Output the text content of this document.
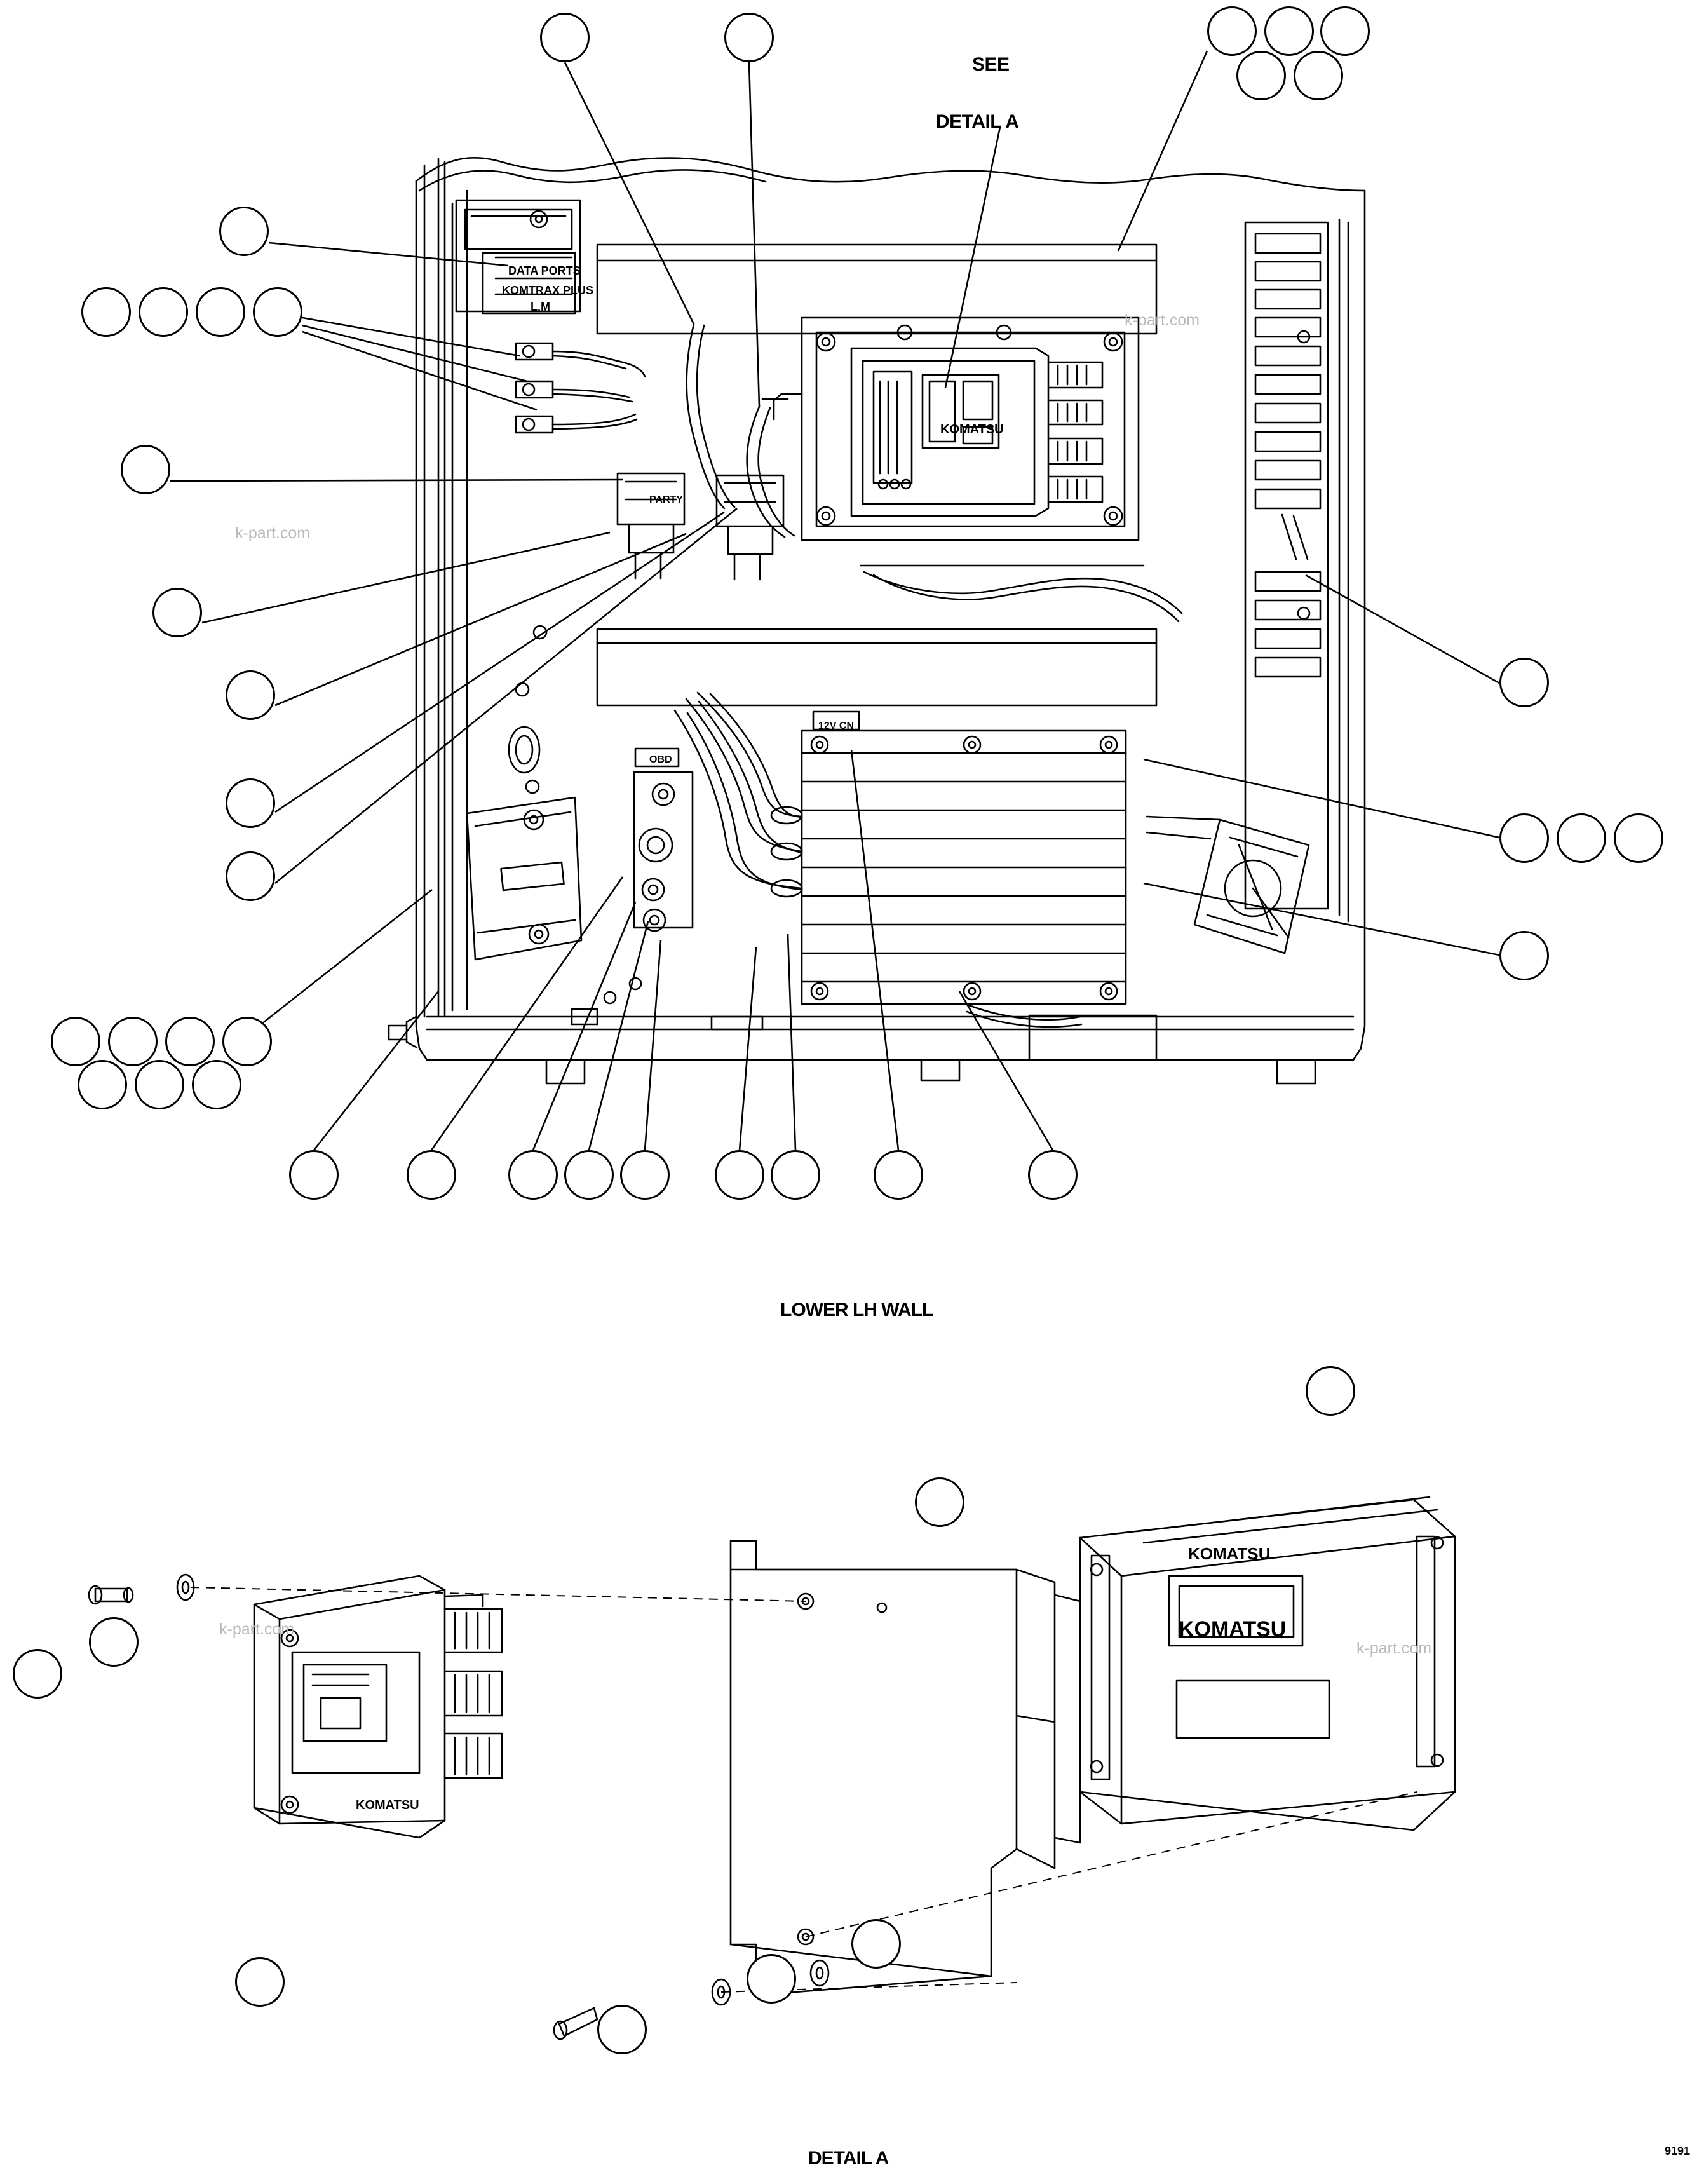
SEE
DETAIL A
LOWER LH WALL
DETAIL A	9191
DATA PORTS
KOMTRAX PLUS
L.M
PARTY
OBD
12V CN
KOMATSU
KOMATSU
KOMATSU
KOMATSU
k-part.com
k-part.com
k-part.com
k-part.com
